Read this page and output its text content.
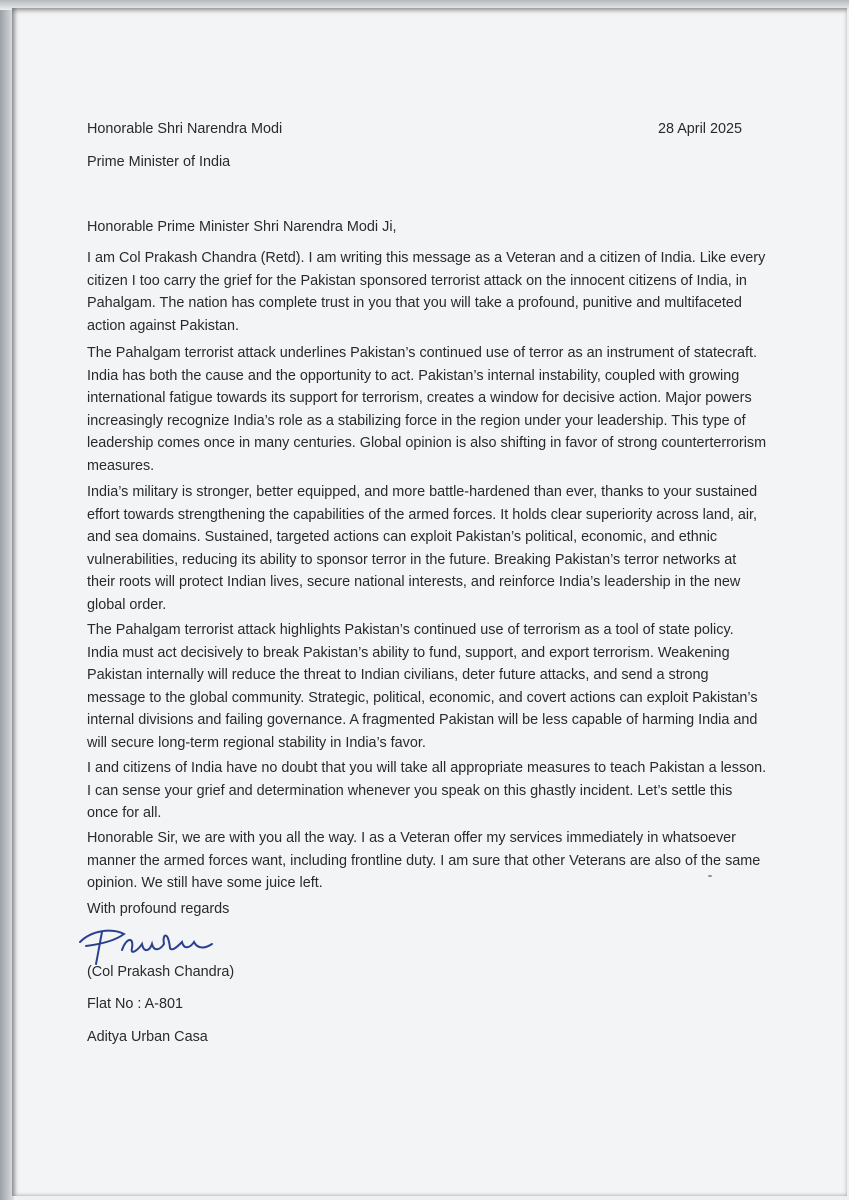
Honorable Shri Narendra Modi	28 April 2025
Prime Minister of India
Honorable Prime Minister Shri Narendra Modi Ji,
I am Col Prakash Chandra (Retd). I am writing this message as a Veteran and a citizen of India. Like every citizen I too carry the grief for the Pakistan sponsored terrorist attack on the innocent citizens of India, in Pahalgam. The nation has complete trust in you that you will take a profound, punitive and multifaceted action against Pakistan.
The Pahalgam terrorist attack underlines Pakistan’s continued use of terror as an instrument of statecraft. India has both the cause and the opportunity to act. Pakistan’s internal instability, coupled with growing international fatigue towards its support for terrorism, creates a window for decisive action. Major powers increasingly recognize India’s role as a stabilizing force in the region under your leadership. This type of leadership comes once in many centuries. Global opinion is also shifting in favor of strong counterterrorism measures.
India’s military is stronger, better equipped, and more battle-hardened than ever, thanks to your sustained effort towards strengthening the capabilities of the armed forces. It holds clear superiority across land, air, and sea domains. Sustained, targeted actions can exploit Pakistan’s political, economic, and ethnic vulnerabilities, reducing its ability to sponsor terror in the future. Breaking Pakistan’s terror networks at their roots will protect Indian lives, secure national interests, and reinforce India’s leadership in the new global order.
The Pahalgam terrorist attack highlights Pakistan’s continued use of terrorism as a tool of state policy. India must act decisively to break Pakistan’s ability to fund, support, and export terrorism. Weakening Pakistan internally will reduce the threat to Indian civilians, deter future attacks, and send a strong message to the global community. Strategic, political, economic, and covert actions can exploit Pakistan’s internal divisions and failing governance. A fragmented Pakistan will be less capable of harming India and will secure long-term regional stability in India’s favor.
I and citizens of India have no doubt that you will take all appropriate measures to teach Pakistan a lesson. I can sense your grief and determination whenever you speak on this ghastly incident. Let’s settle this once for all.
Honorable Sir, we are with you all the way. I as a Veteran offer my services immediately in whatsoever manner the armed forces want, including frontline duty. I am sure that other Veterans are also of the same opinion. We still have some juice left.
With profound regards
(Col Prakash Chandra)
Flat No : A-801
Aditya Urban Casa
